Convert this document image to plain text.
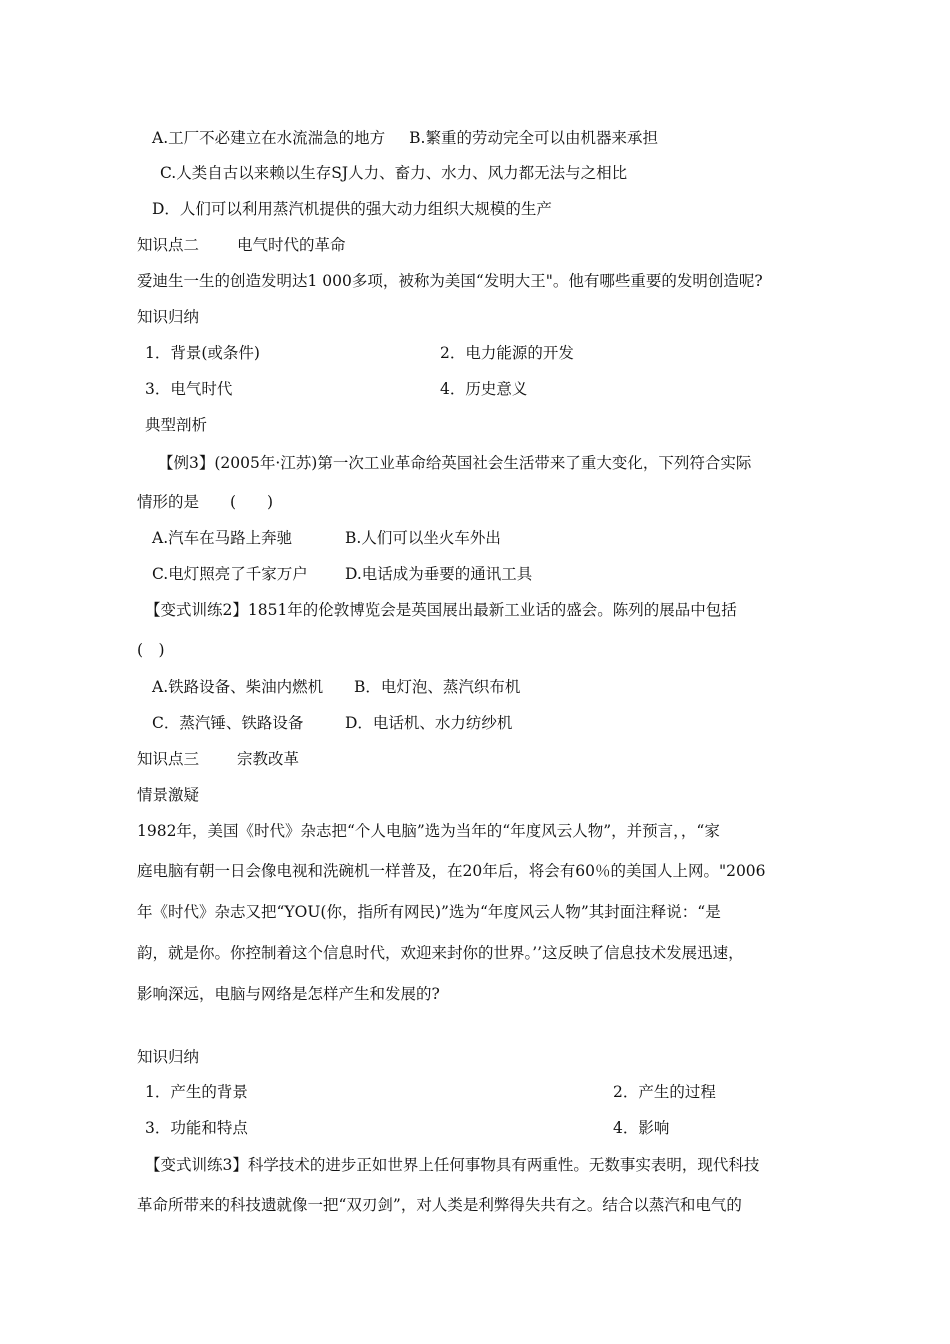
A.工厂不必建立在水流湍急的地方 B.繁重的劳动完全可以由机器来承担
C.人类自古以来赖以生存SJ人力、畜力、水力、风力都无法与之相比
D．人们可以利用蒸汽机提供的强大动力组织大规模的生产
知识点二 电气时代的革命
爱迪生一生的创造发明达1 000多项，被称为美国“发明大王"。他有哪些重要的发明创造呢?
知识归纳
1．背景(或条件)	2．电力能源的开发
3．电气时代	4．历史意义
典型剖析
【例3】(2005年·江苏)第一次工业革命给英国社会生活带来了重大变化，下列符合实际
情形的是　　(　　)
A.汽车在马路上奔驰	B.人们可以坐火车外出
C.电灯照亮了千家万户 D.电话成为垂要的通讯工具
【变式训练2】1851年的伦敦博览会是英国展出最新工业话的盛会。陈列的展品中包括
(　)
A.铁路设备、柴油内燃机 B．电灯泡、蒸汽织布机
C．蒸汽锤、铁路设备	D．电话机、水力纺纱机
知识点三 宗教改革
情景激疑
1982年，美国《时代》杂志把“个人电脑”选为当年的“年度风云人物”，并预言，，“家
庭电脑有朝一日会像电视和洗碗机一样普及，在20年后，将会有60％的美国人上网。"2006
年《时代》杂志又把“YOU(你，指所有网民)”选为“年度风云人物”其封面注释说：“是
韵，就是你。你控制着这个信息时代，欢迎来封你的世界。’’这反映了信息技术发展迅速，
影响深远，电脑与网络是怎样产生和发展的?
知识归纳
1．产生的背景	2．产生的过程
3．功能和特点	4．影响
【变式训练3】科学技术的进步正如世界上任何事物具有两重性。无数事实表明，现代科技
革命所带来的科技遗就像一把“双刃剑”，对人类是利弊得失共有之。结合以蒸汽和电气的
